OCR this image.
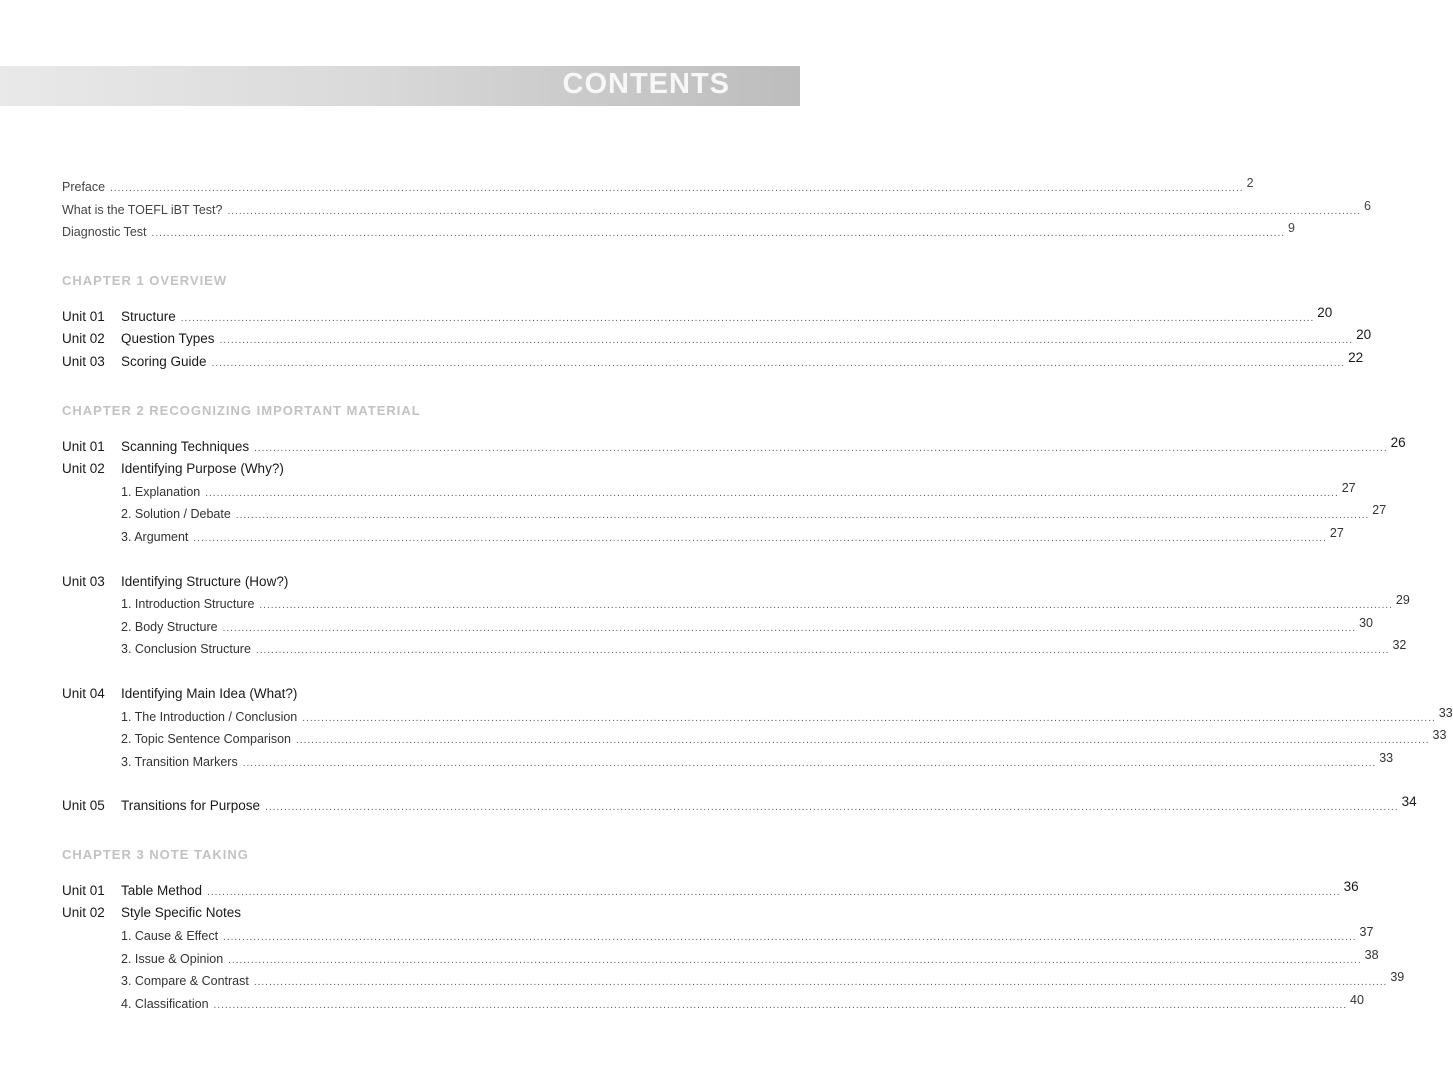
CONTENTS
Preface ............................................................................................................................................................................................................................................................................................................ 2
What is the TOEFL iBT Test? ............................................................................................................................................................................................................................................................................................................ 6
Diagnostic Test ............................................................................................................................................................................................................................................................................................................ 9
CHAPTER 1 OVERVIEW
Unit 01 Structure ............................................................................................................................................................................................................................................................................................................ 20
Unit 02 Question Types ............................................................................................................................................................................................................................................................................................................ 20
Unit 03 Scoring Guide ............................................................................................................................................................................................................................................................................................................ 22
CHAPTER 2 RECOGNIZING IMPORTANT MATERIAL
Unit 01 Scanning Techniques ............................................................................................................................................................................................................................................................................................................ 26
Unit 02 Identifying Purpose (Why?)
1. Explanation ............................................................................................................................................................................................................................................................................................................ 27
2. Solution / Debate ............................................................................................................................................................................................................................................................................................................ 27
3. Argument ............................................................................................................................................................................................................................................................................................................ 27
Unit 03 Identifying Structure (How?)
1. Introduction Structure ............................................................................................................................................................................................................................................................................................................ 29
2. Body Structure ............................................................................................................................................................................................................................................................................................................ 30
3. Conclusion Structure ............................................................................................................................................................................................................................................................................................................ 32
Unit 04 Identifying Main Idea (What?)
1. The Introduction / Conclusion ............................................................................................................................................................................................................................................................................................................ 33
2. Topic Sentence Comparison ............................................................................................................................................................................................................................................................................................................ 33
3. Transition Markers ............................................................................................................................................................................................................................................................................................................ 33
Unit 05 Transitions for Purpose ............................................................................................................................................................................................................................................................................................................ 34
CHAPTER 3 NOTE TAKING
Unit 01 Table Method ............................................................................................................................................................................................................................................................................................................ 36
Unit 02 Style Specific Notes
1. Cause & Effect ............................................................................................................................................................................................................................................................................................................ 37
2. Issue & Opinion ............................................................................................................................................................................................................................................................................................................ 38
3. Compare & Contrast ............................................................................................................................................................................................................................................................................................................ 39
4. Classification ............................................................................................................................................................................................................................................................................................................ 40
